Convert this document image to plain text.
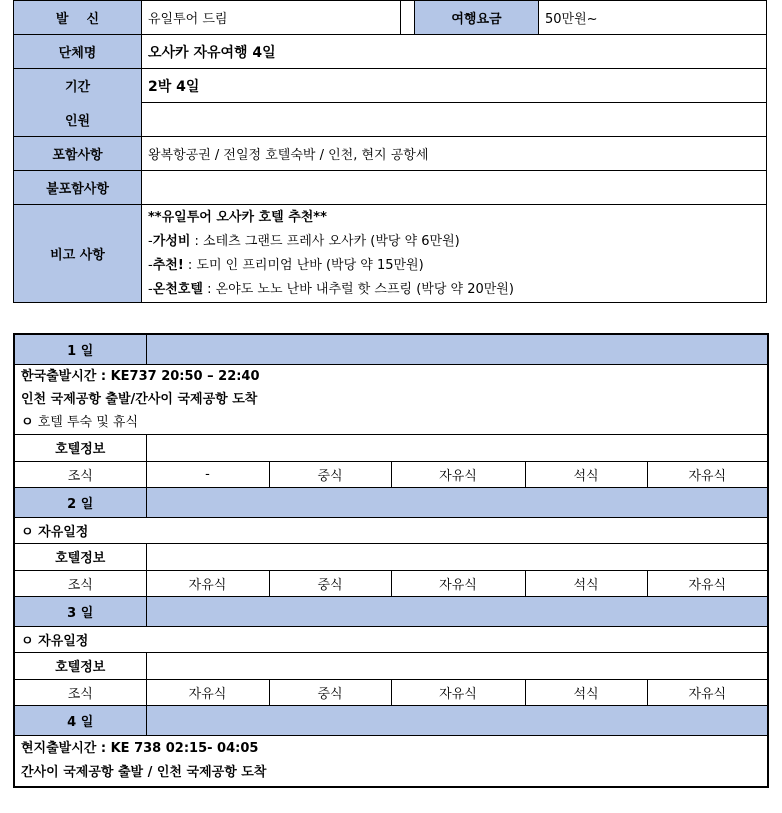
발    신	유일투어 드림		여행요금	50만원~
단체명	오사카 자유여행 4일			
기간	2박 4일			
인원				
포함사항	왕복항공권 / 전일정 호텔숙박 / 인천, 현지 공항세			
불포함사항				
비고 사항	**유일투어 오사카 호텔 추천**
-가성비 : 소테츠 그랜드 프레사 오사카 (박당 약 6만원)
-추천! : 도미 인 프리미엄 난바 (박당 약 15만원)
-온천호텔 : 온야도 노노 난바 내추럴 핫 스프링 (박당 약 20만원)			
1 일					

한국출발시간 : KE737 20:50 – 22:40
인천 국제공항 출발/간사이 국제공항 도착
ㅇ 호텔 투숙 및 휴식					

호텔정보					
조식	-	중식	자유식	석식	자유식
2 일					
ㅇ 자유일정					
호텔정보					
조식	자유식	중식	자유식	석식	자유식
3 일					
ㅇ 자유일정					
호텔정보					
조식	자유식	중식	자유식	석식	자유식
4 일					

현지출발시간 : KE 738 02:15- 04:05
간사이 국제공항 출발 / 인천 국제공항 도착					
